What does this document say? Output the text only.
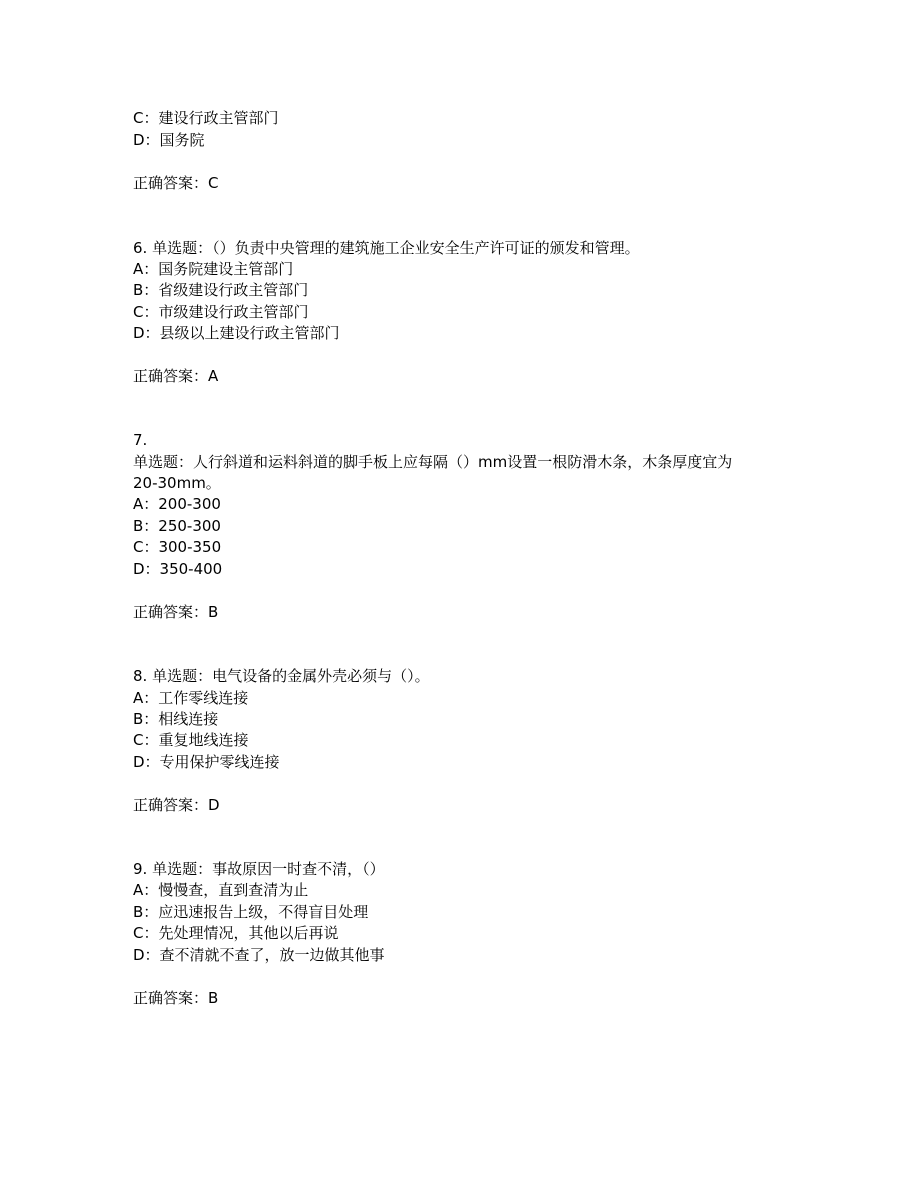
C：建设行政主管部门
D：国务院
正确答案：C
6. 单选题：（）负责中央管理的建筑施工企业安全生产许可证的颁发和管理。
A：国务院建设主管部门
B：省级建设行政主管部门
C：市级建设行政主管部门
D：县级以上建设行政主管部门
正确答案：A
7.
单选题：人行斜道和运料斜道的脚手板上应每隔（）mm设置一根防滑木条，木条厚度宜为
20-30mm。
A：200-300
B：250-300
C：300-350
D：350-400
正确答案：B
8. 单选题：电气设备的金属外壳必须与（）。
A：工作零线连接
B：相线连接
C：重复地线连接
D：专用保护零线连接
正确答案：D
9. 单选题：事故原因一时查不清，（）
A：慢慢查，直到查清为止
B：应迅速报告上级，不得盲目处理
C：先处理情况，其他以后再说
D：查不清就不查了，放一边做其他事
正确答案：B
